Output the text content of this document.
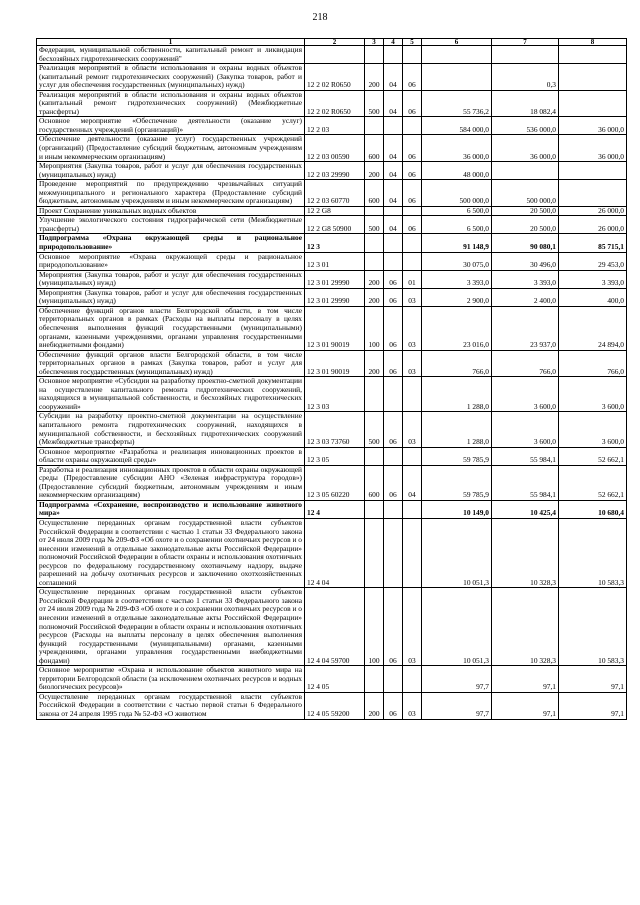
218
1	2	3	4	5	6	7	8
Федерации, муниципальной собственности, капитальный ремонт и ликвидация бесхозяйных гидротехнических сооружений"							
Реализация мероприятий в области использования и охраны водных объектов (капитальный ремонт гидротехнических сооружений) (Закупка товаров, работ и услуг для обеспечения государственных (муниципальных) нужд)	12 2 02 R0650	200	04	06		0,3	
Реализация мероприятий в области использования и охраны водных объектов (капитальный ремонт гидротехнических сооружений) (Межбюджетные трансферты)	12 2 02 R0650	500	04	06	55 736,2	18 082,4	
Основное мероприятие «Обеспечение деятельности (оказание услуг) государственных учреждений (организаций)»	12 2 03				584 000,0	536 000,0	36 000,0
Обеспечение деятельности (оказание услуг) государственных учреждений (организаций) (Предоставление субсидий бюджетным, автономным учреждениям и иным некоммерческим организациям)	12 2 03 00590	600	04	06	36 000,0	36 000,0	36 000,0
Мероприятия (Закупка товаров, работ и услуг для обеспечения государственных (муниципальных) нужд)	12 2 03 29990	200	04	06	48 000,0		
Проведение мероприятий по предупреждению чрезвычайных ситуаций межмуниципального и регионального характера (Предоставление субсидий бюджетным, автономным учреждениям и иным некоммерческим организациям)	12 2 03 60770	600	04	06	500 000,0	500 000,0	
Проект Сохранение уникальных водных объектов	12 2 G8				6 500,0	20 500,0	26 000,0
Улучшение экологического состояния гидрографической сети (Межбюджетные трансферты)	12 2 G8 50900	500	04	06	6 500,0	20 500,0	26 000,0
Подпрограмма «Охрана окружающей среды и рациональное природопользование»	12 3				91 148,9	90 080,1	85 715,1
Основное мероприятие «Охрана окружающей среды и рациональное природопользование»	12 3 01				30 075,0	30 496,0	29 453,0
Мероприятия (Закупка товаров, работ и услуг для обеспечения государственных (муниципальных) нужд)	12 3 01 29990	200	06	01	3 393,0	3 393,0	3 393,0
Мероприятия (Закупка товаров, работ и услуг для обеспечения государственных (муниципальных) нужд)	12 3 01 29990	200	06	03	2 900,0	2 400,0	400,0
Обеспечение функций органов власти Белгородской области, в том числе территориальных органов в рамках (Расходы на выплаты персоналу в целях обеспечения выполнения функций государственными (муниципальными) органами, казенными учреждениями, органами управления государственными внебюджетными фондами)	12 3 01 90019	100	06	03	23 016,0	23 937,0	24 894,0
Обеспечение функций органов власти Белгородской области, в том числе территориальных органов в рамках (Закупка товаров, работ и услуг для обеспечения государственных (муниципальных) нужд)	12 3 01 90019	200	06	03	766,0	766,0	766,0
Основное мероприятие «Субсидии на разработку проектно-сметной документации на осуществление капитального ремонта гидротехнических сооружений, находящихся в муниципальной собственности, и бесхозяйных гидротехнических сооружений»	12 3 03				1 288,0	3 600,0	3 600,0
Субсидии на разработку проектно-сметной документации на осуществление капитального ремонта гидротехнических сооружений, находящихся в муниципальной собственности, и бесхозяйных гидротехнических сооружений (Межбюджетные трансферты)	12 3 03 73760	500	06	03	1 288,0	3 600,0	3 600,0
Основное мероприятие «Разработка и реализация инновационных проектов в области охраны окружающей среды»	12 3 05				59 785,9	55 984,1	52 662,1
Разработка и реализация инновационных проектов в области охраны окружающей среды (Предоставление субсидии АНО «Зеленая инфраструктура городов») (Предоставление субсидий бюджетным, автономным учреждениям и иным некоммерческим организациям)	12 3 05 60220	600	06	04	59 785,9	55 984,1	52 662,1
Подпрограмма «Сохранение, воспроизводство и использование животного мира»	12 4				10 149,0	10 425,4	10 680,4
Осуществление переданных органам государственной власти субъектов Российской Федерации в соответствии с частью 1 статьи 33 Федерального закона от 24 июля 2009 года № 209-ФЗ «Об охоте и о сохранении охотничьих ресурсов и о внесении изменений в отдельные законодательные акты Российской Федерации» полномочий Российской Федерации в области охраны и использования охотничьих ресурсов по федеральному государственному охотничьему надзору, выдаче разрешений на добычу охотничьих ресурсов и заключению охотхозяйственных соглашений	12 4 04				10 051,3	10 328,3	10 583,3
Осуществление переданных органам государственной власти субъектов Российской Федерации в соответствии с частью 1 статьи 33 Федерального закона от 24 июля 2009 года № 209-ФЗ «Об охоте и о сохранении охотничьих ресурсов и о внесении изменений в отдельные законодательные акты Российской Федерации» полномочий Российской Федерации в области охраны и использования охотничьих ресурсов (Расходы на выплаты персоналу в целях обеспечения выполнения функций государственными (муниципальными) органами, казенными учреждениями, органами управления государственными внебюджетными фондами)	12 4 04 59700	100	06	03	10 051,3	10 328,3	10 583,3
Основное мероприятие «Охрана и использование объектов животного мира на территории Белгородской области (за исключением охотничьих ресурсов и водных биологических ресурсов)»	12 4 05				97,7	97,1	97,1
Осуществление переданных органам государственной власти субъектов Российской Федерации в соответствии с частью первой статьи 6 Федерального закона от 24 апреля 1995 года № 52-ФЗ «О животном	12 4 05 59200	200	06	03	97,7	97,1	97,1
